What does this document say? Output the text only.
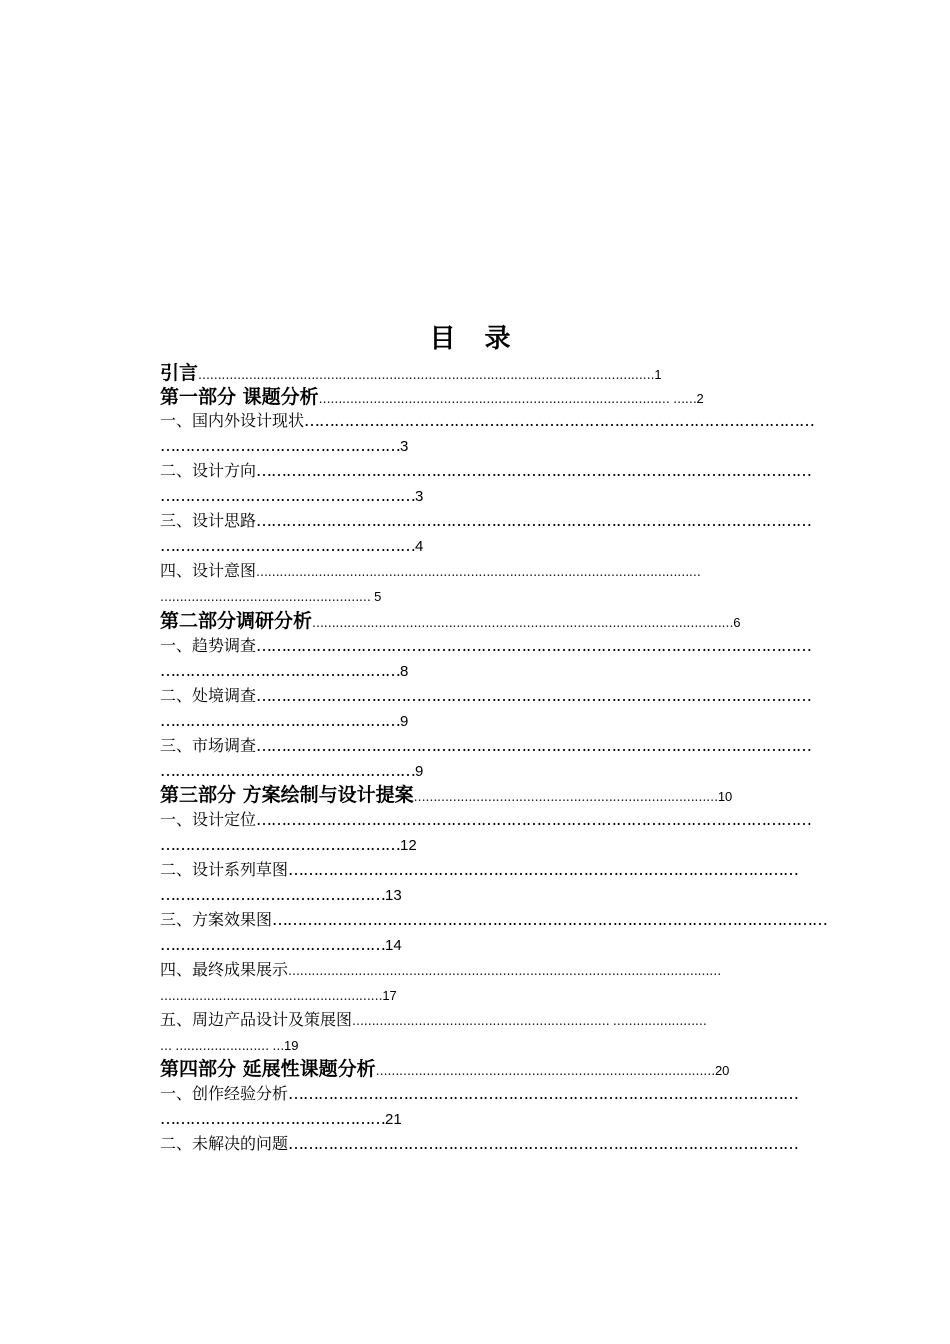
目 录
引言………………………………………………………………………………………………………1
第一部分 课题分析……………………………………………………………………………… ……2
一、国内外设计现状…………………………………………………………………………………………
…………………………………………3
二、设计方向…………………………………………………………………………………………………
……………………………………………3
三、设计思路…………………………………………………………………………………………………
……………………………………………4
四、设计意图……………………………………………………………………………………………………
……………………………………………… 5
第二部分调研分析………………………………………………………………………………………………6
一、趋势调查…………………………………………………………………………………………………
…………………………………………8
二、处境调查…………………………………………………………………………………………………
…………………………………………9
三、市场调查…………………………………………………………………………………………………
……………………………………………9
第三部分 方案绘制与设计提案……………………………………………………………………10
一、设计定位…………………………………………………………………………………………………
…………………………………………12
二、设计系列草图…………………………………………………………………………………………
………………………………………13
三、方案效果图…………………………………………………………………………………………………
………………………………………14
四、最终成果展示…………………………………………………………………………………………………
…………………………………………………17
五、周边产品设计及策展图………………………………………………………… ……………………
… …………………… …19
第四部分 延展性课题分析……………………………………………………………………………20
一、创作经验分析…………………………………………………………………………………………
………………………………………21
二、未解决的问题…………………………………………………………………………………………
